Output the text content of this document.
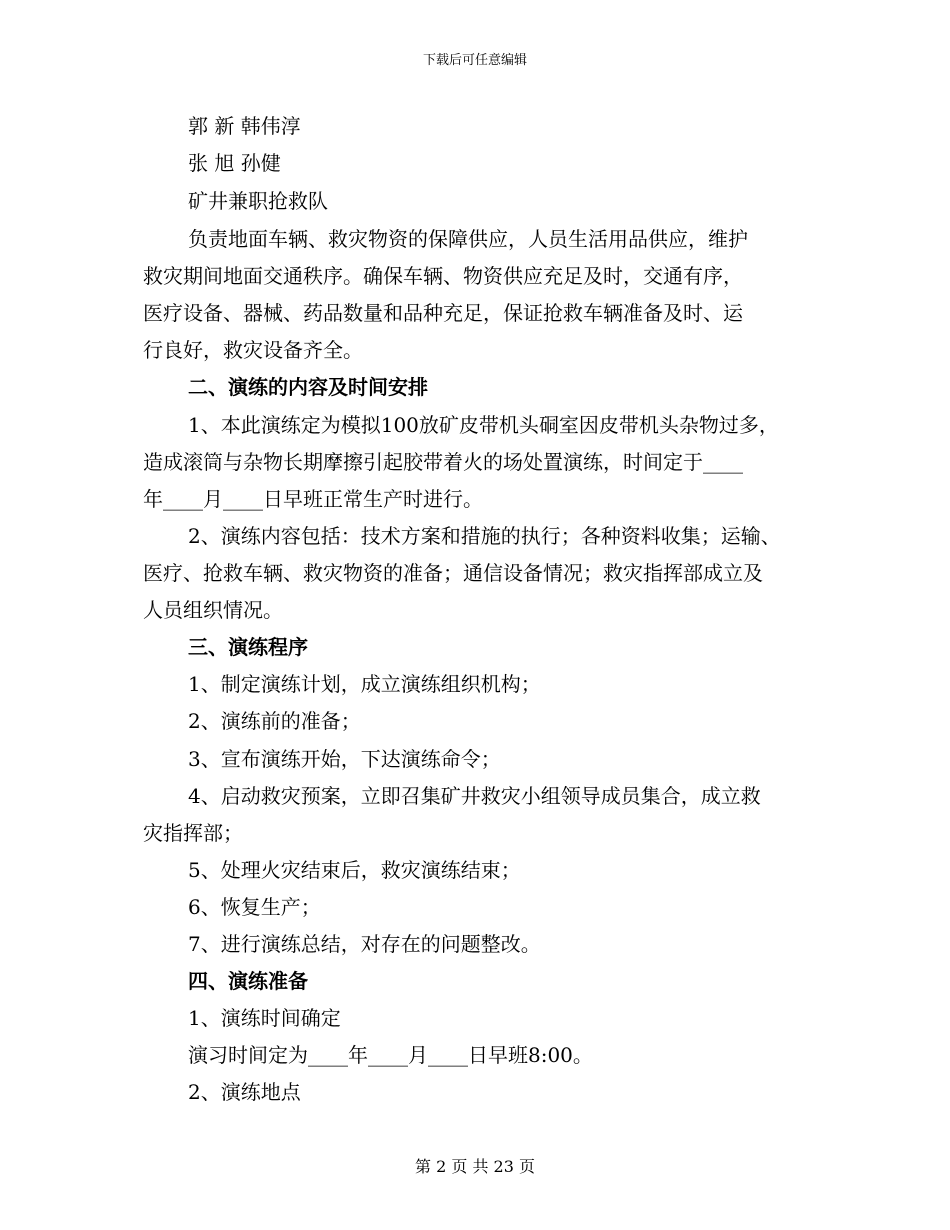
下载后可任意编辑
郭 新 韩伟淳
张 旭 孙健
矿井兼职抢救队
负责地面车辆、救灾物资的保障供应，人员生活用品供应，维护
救灾期间地面交通秩序。确保车辆、物资供应充足及时，交通有序，
医疗设备、器械、药品数量和品种充足，保证抢救车辆准备及时、运
行良好，救灾设备齐全。
二、演练的内容及时间安排
1、本此演练定为模拟100放矿皮带机头硐室因皮带机头杂物过多，
造成滚筒与杂物长期摩擦引起胶带着火的场处置演练，时间定于____
年____月____日早班正常生产时进行。
2、演练内容包括：技术方案和措施的执行；各种资料收集；运输、
医疗、抢救车辆、救灾物资的准备；通信设备情况；救灾指挥部成立及
人员组织情况。
三、演练程序
1、制定演练计划，成立演练组织机构；
2、演练前的准备；
3、宣布演练开始，下达演练命令；
4、启动救灾预案，立即召集矿井救灾小组领导成员集合，成立救
灾指挥部；
5、处理火灾结束后，救灾演练结束；
6、恢复生产；
7、进行演练总结，对存在的问题整改。
四、演练准备
1、演练时间确定
演习时间定为____年____月____日早班8:00。
2、演练地点
第 2 页 共 23 页
